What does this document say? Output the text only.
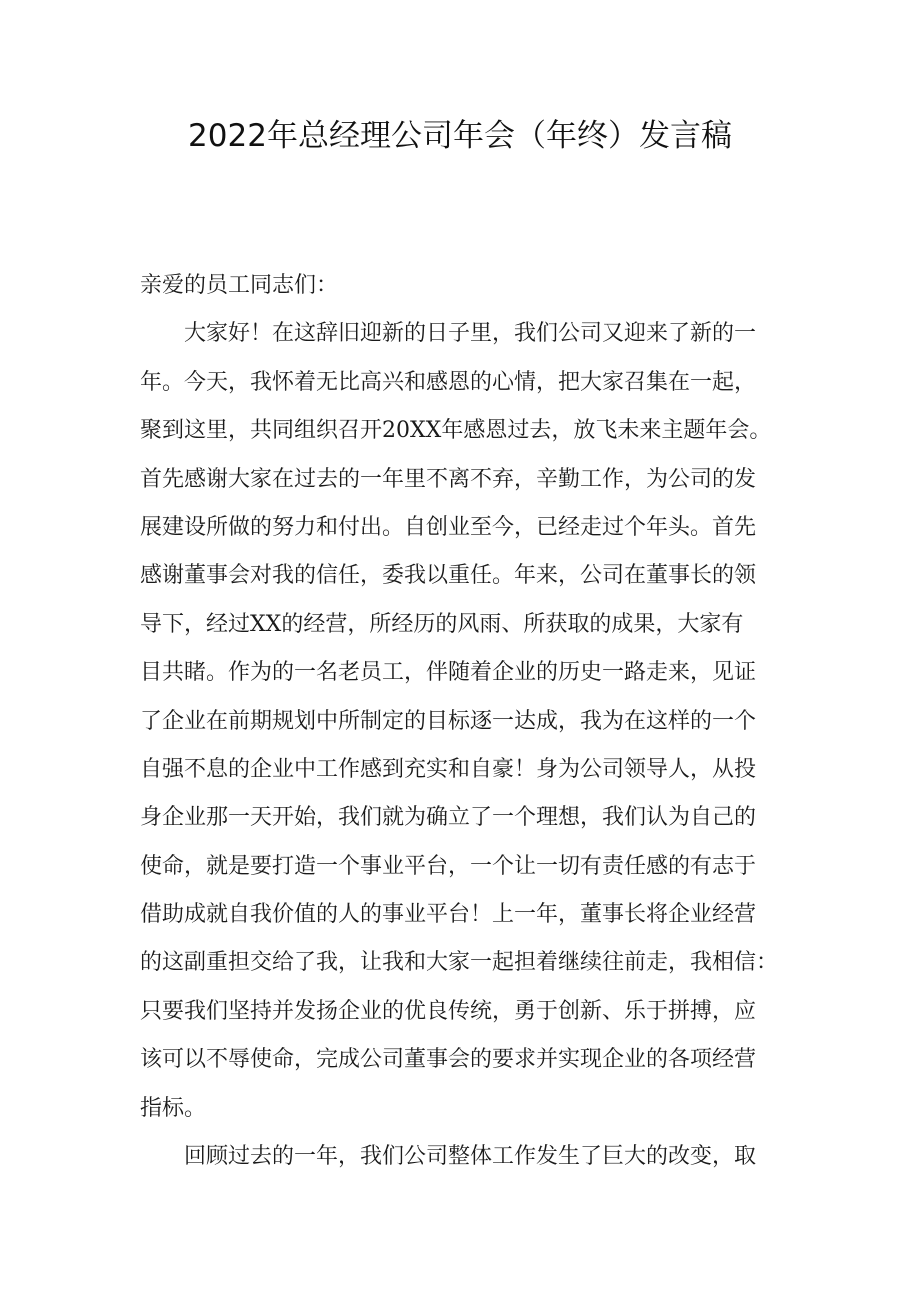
2022年总经理公司年会（年终）发言稿

亲爱的员工同志们：

　　大家好！在这辞旧迎新的日子里，我们公司又迎来了新的一
年。今天，我怀着无比高兴和感恩的心情，把大家召集在一起，
聚到这里，共同组织召开20XX年感恩过去，放飞未来主题年会。
首先感谢大家在过去的一年里不离不弃，辛勤工作，为公司的发
展建设所做的努力和付出。自创业至今，已经走过个年头。首先
感谢董事会对我的信任，委我以重任。年来，公司在董事长的领
导下，经过XX的经营，所经历的风雨、所获取的成果，大家有
目共睹。作为的一名老员工，伴随着企业的历史一路走来，见证
了企业在前期规划中所制定的目标逐一达成，我为在这样的一个
自强不息的企业中工作感到充实和自豪！身为公司领导人，从投
身企业那一天开始，我们就为确立了一个理想，我们认为自己的
使命，就是要打造一个事业平台，一个让一切有责任感的有志于
借助成就自我价值的人的事业平台！上一年，董事长将企业经营
的这副重担交给了我，让我和大家一起担着继续往前走，我相信：
只要我们坚持并发扬企业的优良传统，勇于创新、乐于拼搏，应
该可以不辱使命，完成公司董事会的要求并实现企业的各项经营
指标。

　　回顾过去的一年，我们公司整体工作发生了巨大的改变，取
